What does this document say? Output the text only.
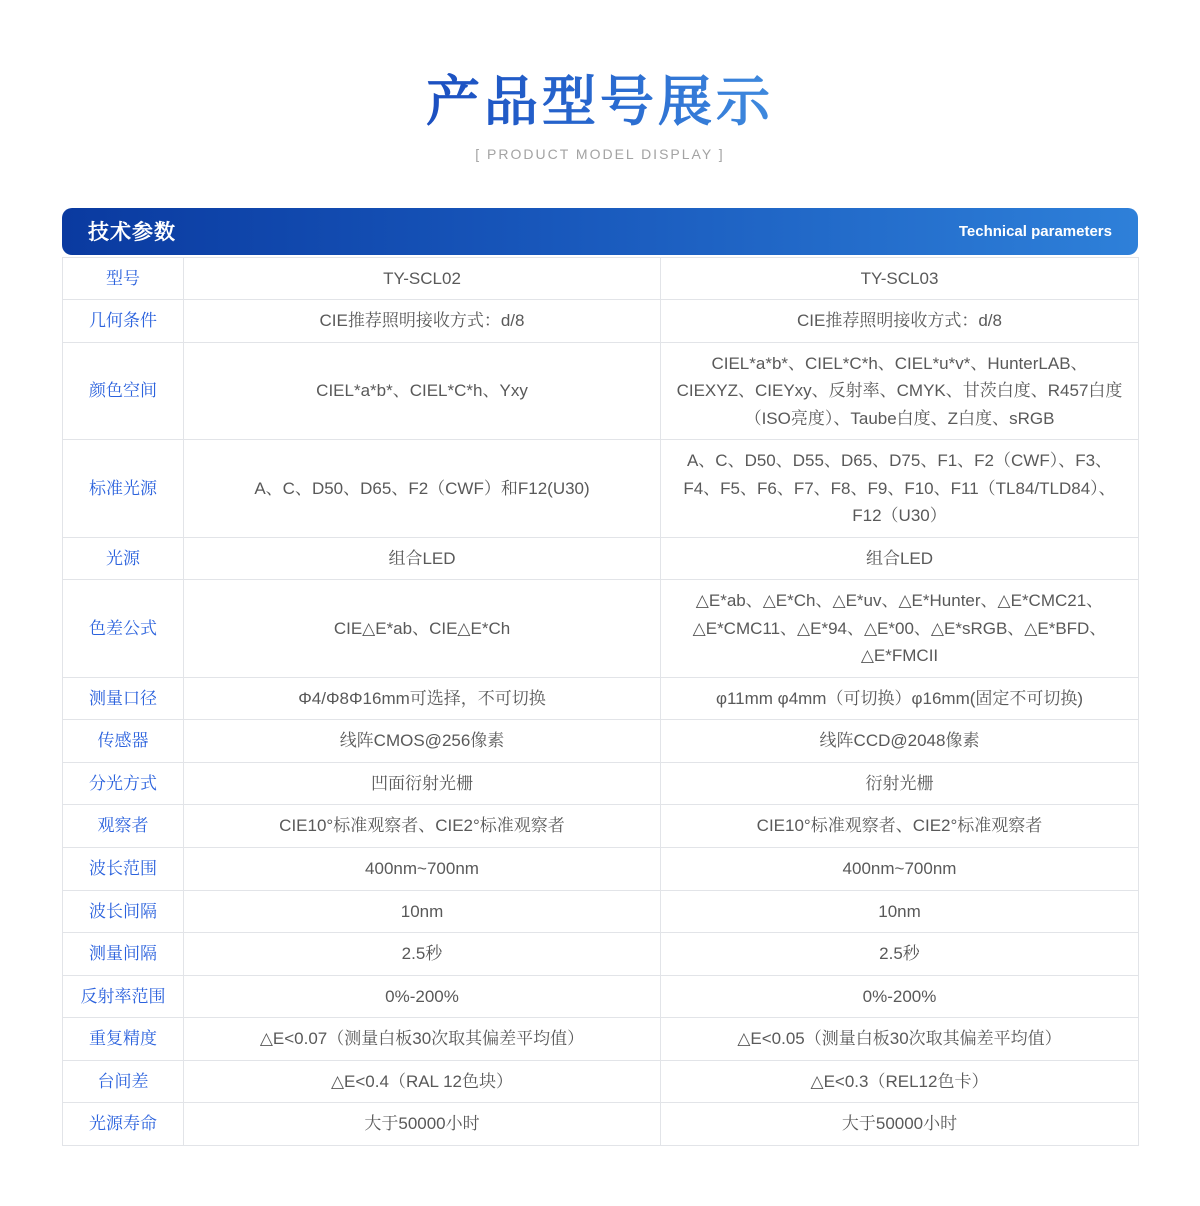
产品型号展示
[ PRODUCT MODEL DISPLAY ]
技术参数	Technical parameters
型号	TY-SCL02	TY-SCL03
几何条件	CIE推荐照明接收方式：d/8	CIE推荐照明接收方式：d/8
颜色空间	CIEL*a*b*、CIEL*C*h、Yxy	CIEL*a*b*、CIEL*C*h、CIEL*u*v*、HunterLAB、CIEXYZ、CIEYxy、反射率、CMYK、甘茨白度、R457白度（ISO亮度）、Taube白度、Z白度、sRGB
标准光源	A、C、D50、D65、F2（CWF）和F12(U30)	A、C、D50、D55、D65、D75、F1、F2（CWF）、F3、F4、F5、F6、F7、F8、F9、F10、F11（TL84/TLD84）、F12（U30）
光源	组合LED	组合LED
色差公式	CIE△E*ab、CIE△E*Ch	△E*ab、△E*Ch、△E*uv、△E*Hunter、△E*CMC21、△E*CMC11、△E*94、△E*00、△E*sRGB、△E*BFD、△E*FMCII
测量口径	Φ4/Φ8Φ16mm可选择，不可切换	φ11mm φ4mm（可切换）φ16mm(固定不可切换)
传感器	线阵CMOS@256像素	线阵CCD@2048像素
分光方式	凹面衍射光栅	衍射光栅
观察者	CIE10°标准观察者、CIE2°标准观察者	CIE10°标准观察者、CIE2°标准观察者
波长范围	400nm~700nm	400nm~700nm
波长间隔	10nm	10nm
测量间隔	2.5秒	2.5秒
反射率范围	0%-200%	0%-200%
重复精度	△E<0.07（测量白板30次取其偏差平均值）	△E<0.05（测量白板30次取其偏差平均值）
台间差	△E<0.4（RAL 12色块）	△E<0.3（REL12色卡）
光源寿命	大于50000小时	大于50000小时
